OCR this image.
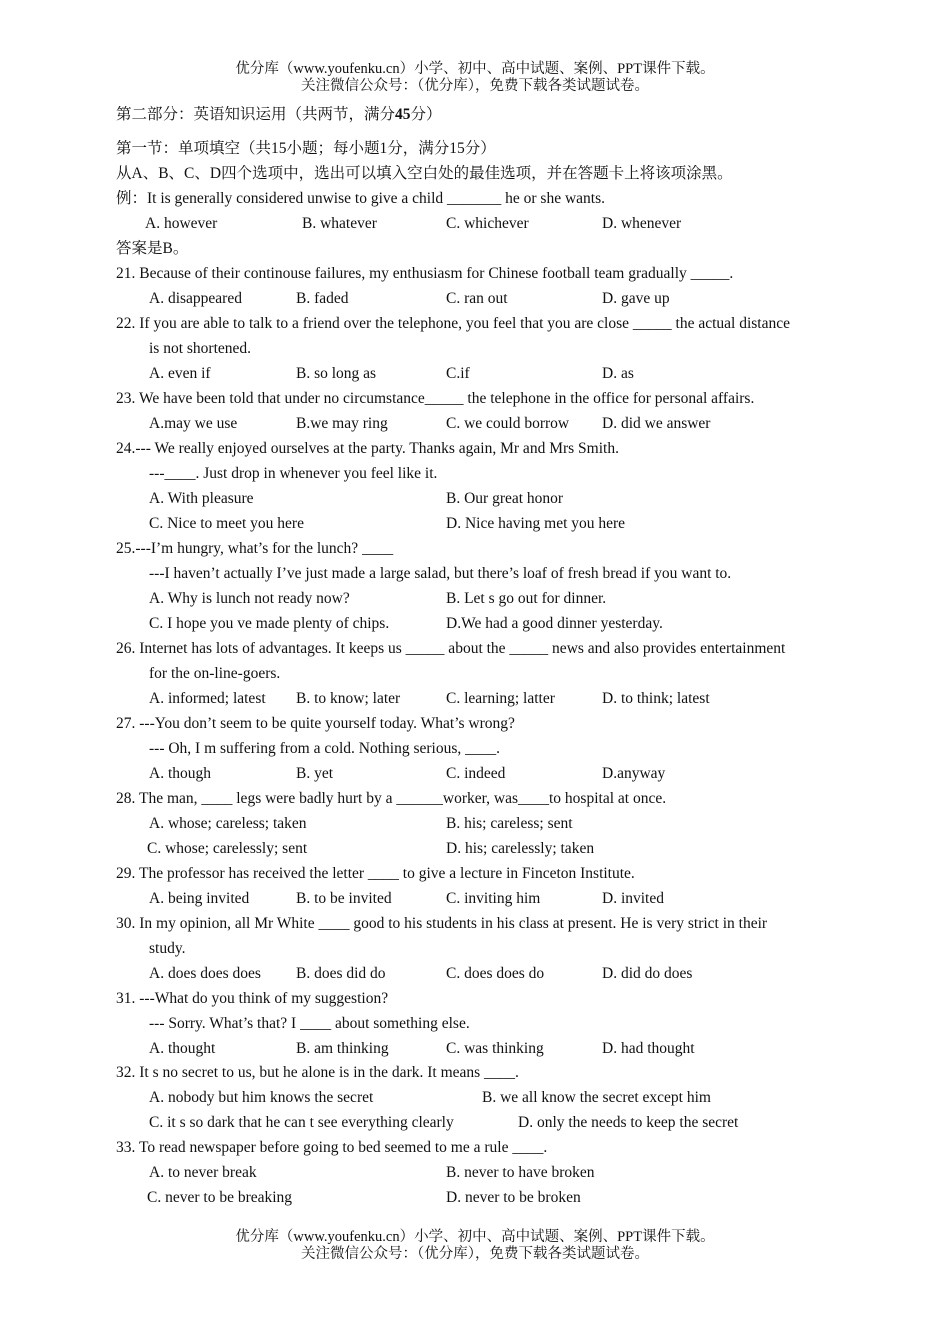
优分库（www.youfenku.cn）小学、初中、高中试题、案例、PPT课件下载。
关注微信公众号：（优分库），免费下载各类试题试卷。
第二部分：英语知识运用（共两节，满分45分）
第一节：单项填空（共15小题；每小题1分，满分15分）
从A、B、C、D四个选项中，选出可以填入空白处的最佳选项，并在答题卡上将该项涂黑。
例：It is generally considered unwise to give a child _______ he or she wants.
A. however	B. whatever	C. whichever	D. whenever
答案是B。
21. Because of their continouse failures, my enthusiasm for Chinese football team gradually _____.
A. disappeared	B. faded	C. ran out	D. gave up
22. If you are able to talk to a friend over the telephone, you feel that you are close _____ the actual distance
is not shortened.
A. even if	B. so long as	C.if	D. as
23. We have been told that under no circumstance_____ the telephone in the office for personal affairs.
A.may we use	B.we may ring	C. we could borrow D. did we answer
24.--- We really enjoyed ourselves at the party. Thanks again, Mr and Mrs Smith.
---____. Just drop in whenever you feel like it.
A. With pleasure	B. Our great honor
C. Nice to meet you here	D. Nice having met you here
25.---I’m hungry, what’s for the lunch? ____
---I haven’t actually I’ve just made a large salad, but there’s loaf of fresh bread if you want to.
A. Why is lunch not ready now?	B. Let s go out for dinner.
C. I hope you ve made plenty of chips.	D.We had a good dinner yesterday.
26. Internet has lots of advantages. It keeps us _____ about the _____ news and also provides entertainment
for the on-line-goers.
A. informed; latest B. to know; later	C. learning; latter	D. to think; latest
27. ---You don’t seem to be quite yourself today. What’s wrong?
--- Oh, I m suffering from a cold. Nothing serious, ____.
A. though	B. yet	C. indeed	D.anyway
28. The man, ____ legs were badly hurt by a ______worker, was____to hospital at once.
A. whose; careless; taken	B. his; careless; sent
C. whose; carelessly; sent	D. his; carelessly; taken
29. The professor has received the letter ____ to give a lecture in Finceton Institute.
A. being invited	B. to be invited	C. inviting him	D. invited
30. In my opinion, all Mr White ____ good to his students in his class at present. He is very strict in their
study.
A. does does does B. does did do	C. does does do	D. did do does
31. ---What do you think of my suggestion?
--- Sorry. What’s that? I ____ about something else.
A. thought	B. am thinking	C. was thinking	D. had thought
32. It s no secret to us, but he alone is in the dark. It means ____.
A. nobody but him knows the secret	B. we all know the secret except him
C. it s so dark that he can t see everything clearly	D. only the needs to keep the secret
33. To read newspaper before going to bed seemed to me a rule ____.
A. to never break	B. never to have broken
C. never to be breaking	D. never to be broken
优分库（www.youfenku.cn）小学、初中、高中试题、案例、PPT课件下载。
关注微信公众号：（优分库），免费下载各类试题试卷。
